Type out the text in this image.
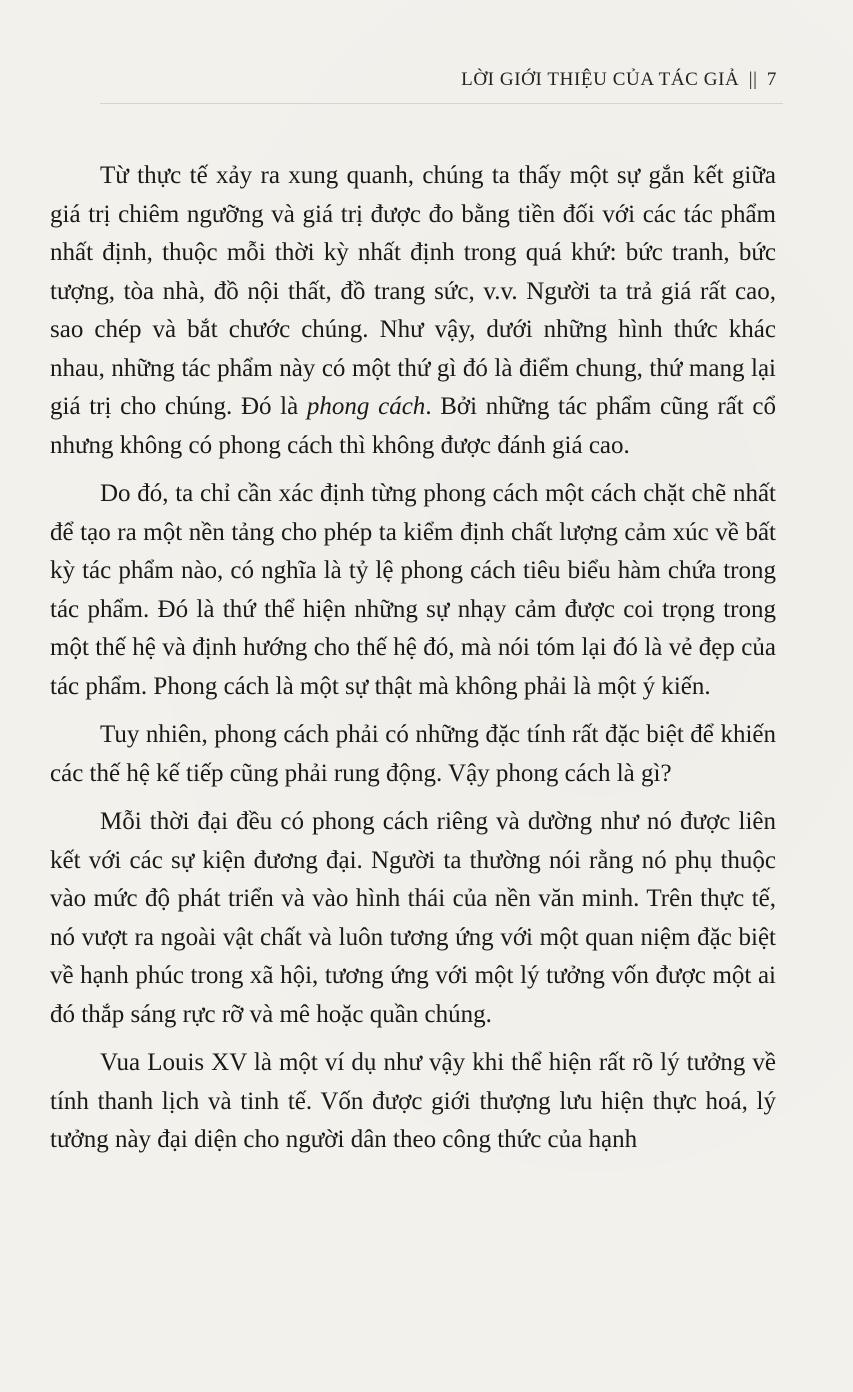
LỜI GIỚI THIỆU CỦA TÁC GIẢ || 7

Từ thực tế xảy ra xung quanh, chúng ta thấy một sự gắn kết giữa giá trị chiêm ngưỡng và giá trị được đo bằng tiền đối với các tác phẩm nhất định, thuộc mỗi thời kỳ nhất định trong quá khứ: bức tranh, bức tượng, tòa nhà, đồ nội thất, đồ trang sức, v.v. Người ta trả giá rất cao, sao chép và bắt chước chúng. Như vậy, dưới những hình thức khác nhau, những tác phẩm này có một thứ gì đó là điểm chung, thứ mang lại giá trị cho chúng. Đó là phong cách. Bởi những tác phẩm cũng rất cổ nhưng không có phong cách thì không được đánh giá cao.

Do đó, ta chỉ cần xác định từng phong cách một cách chặt chẽ nhất để tạo ra một nền tảng cho phép ta kiểm định chất lượng cảm xúc về bất kỳ tác phẩm nào, có nghĩa là tỷ lệ phong cách tiêu biểu hàm chứa trong tác phẩm. Đó là thứ thể hiện những sự nhạy cảm được coi trọng trong một thế hệ và định hướng cho thế hệ đó, mà nói tóm lại đó là vẻ đẹp của tác phẩm. Phong cách là một sự thật mà không phải là một ý kiến.

Tuy nhiên, phong cách phải có những đặc tính rất đặc biệt để khiến các thế hệ kế tiếp cũng phải rung động. Vậy phong cách là gì?

Mỗi thời đại đều có phong cách riêng và dường như nó được liên kết với các sự kiện đương đại. Người ta thường nói rằng nó phụ thuộc vào mức độ phát triển và vào hình thái của nền văn minh. Trên thực tế, nó vượt ra ngoài vật chất và luôn tương ứng với một quan niệm đặc biệt về hạnh phúc trong xã hội, tương ứng với một lý tưởng vốn được một ai đó thắp sáng rực rỡ và mê hoặc quần chúng.

Vua Louis XV là một ví dụ như vậy khi thể hiện rất rõ lý tưởng về tính thanh lịch và tinh tế. Vốn được giới thượng lưu hiện thực hoá, lý tưởng này đại diện cho người dân theo công thức của hạnh
